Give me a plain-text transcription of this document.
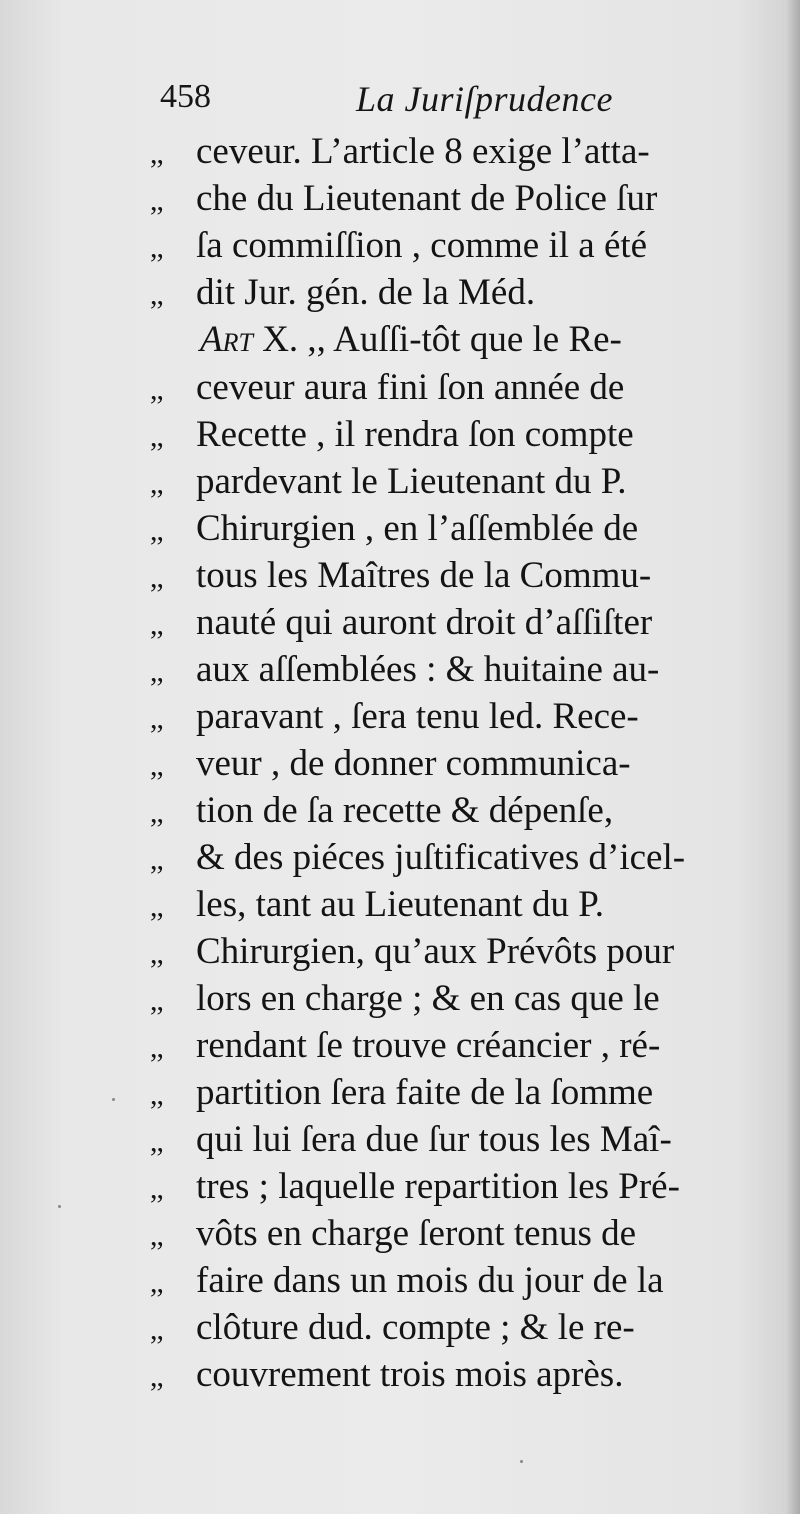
458	La Juriſprudence
,, ceveur. L’article 8 exige l’atta-
,, che du Lieutenant de Police ſur
,, ſa commiſſion , comme il a été
,, dit Jur. gén. de la Méd.
Art X. ,, Auſſi-tôt que le Re-
,, ceveur aura fini ſon année de
,, Recette , il rendra ſon compte
,, pardevant le Lieutenant du P.
,, Chirurgien , en l’aſſemblée de
,, tous les Maîtres de la Commu-
,, nauté qui auront droit d’aſſiſter
,, aux aſſemblées : & huitaine au-
,, paravant , ſera tenu led. Rece-
,, veur , de donner communica-
,, tion de ſa recette & dépenſe,
,, & des piéces juſtificatives d’icel-
,, les, tant au Lieutenant du P.
,, Chirurgien, qu’aux Prévôts pour
,, lors en charge ; & en cas que le
,, rendant ſe trouve créancier , ré-
,, partition ſera faite de la ſomme
,, qui lui ſera due ſur tous les Maî-
,, tres ; laquelle repartition les Pré-
,, vôts en charge ſeront tenus de
,, faire dans un mois du jour de la
,, clôture dud. compte ; & le re-
,, couvrement trois mois après.
